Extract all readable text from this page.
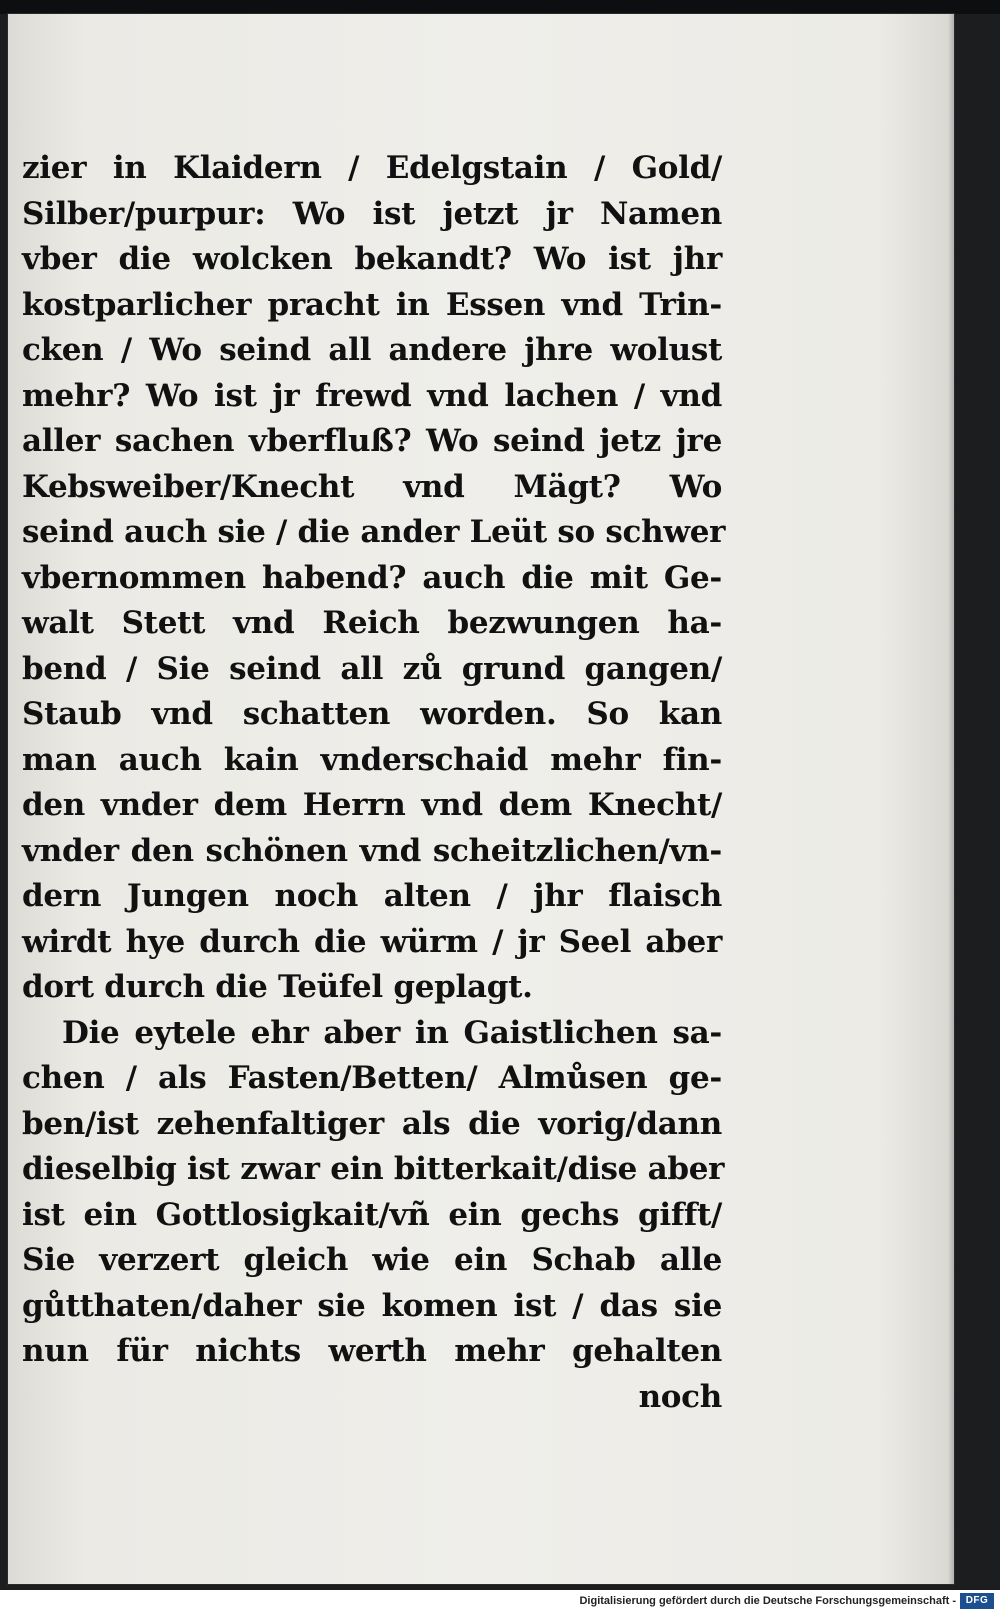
zier in Klaidern / Edelgstain / Gold/
Silber/purpur: Wo ist jetzt jr Namen
vber die wolcken bekandt? Wo ist jhr
kostparlicher pracht in Essen vnd Trin-
cken / Wo seind all andere jhre wolust
mehr? Wo ist jr frewd vnd lachen / vnd
aller sachen vberfluß? Wo seind jetz jre
Kebsweiber/Knecht vnd Mägt? Wo
seind auch sie / die ander Leüt so schwer
vbernommen habend? auch die mit Ge-
walt Stett vnd Reich bezwungen ha-
bend / Sie seind all zů grund gangen/
Staub vnd schatten worden. So kan
man auch kain vnderschaid mehr fin-
den vnder dem Herrn vnd dem Knecht/
vnder den schönen vnd scheitzlichen/vn-
dern Jungen noch alten / jhr flaisch
wirdt hye durch die würm / jr Seel aber
dort durch die Teüfel geplagt.
Die eytele ehr aber in Gaistlichen sa-
chen / als Fasten/Betten/ Almůsen ge-
ben/ist zehenfaltiger als die vorig/dann
dieselbig ist zwar ein bitterkait/dise aber
ist ein Gottlosigkait/vñ ein gechs gifft/
Sie verzert gleich wie ein Schab alle
gůtthaten/daher sie komen ist / das sie
nun für nichts werth mehr gehalten
noch
Digitalisierung gefördert durch die Deutsche Forschungsgemeinschaft - DFG
